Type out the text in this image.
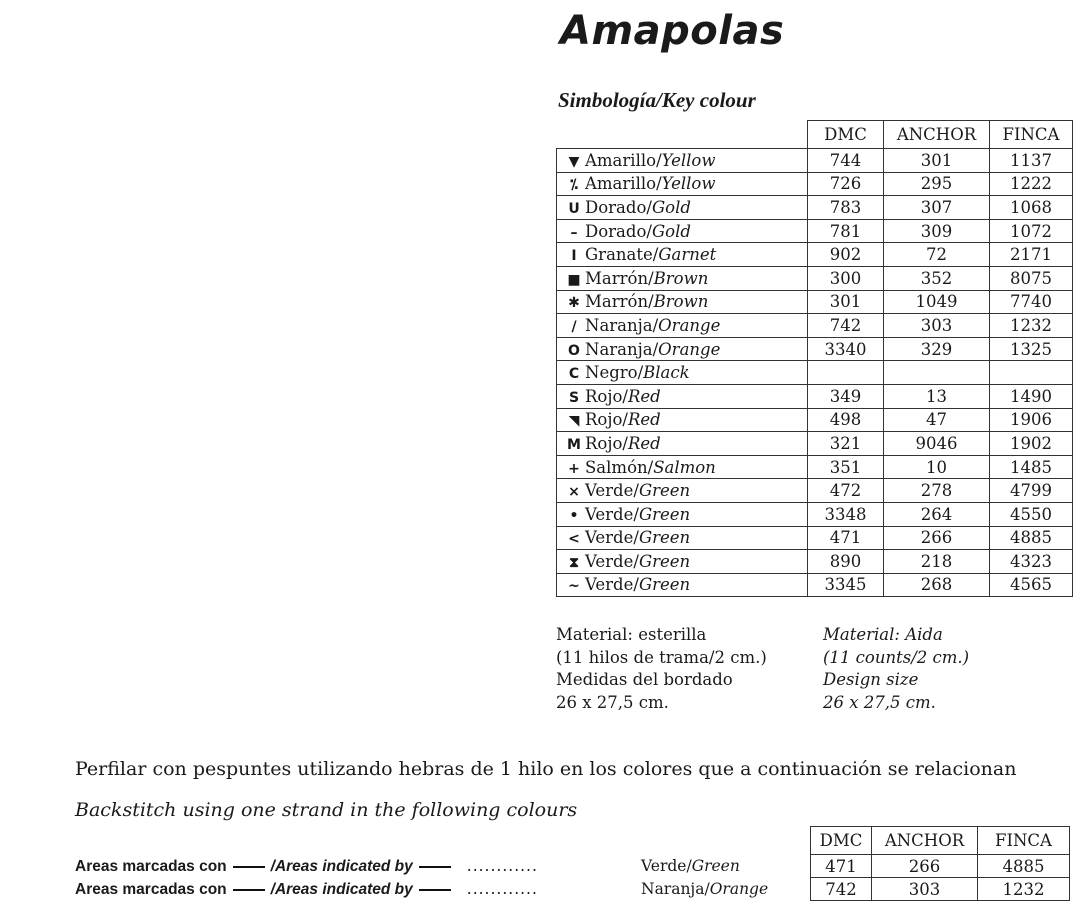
Amapolas
Simbología/Key colour
	DMC	ANCHOR	FINCA
▼ Amarillo/Yellow	744	301	1137
⁒ Amarillo/Yellow	726	295	1222
U Dorado/Gold	783	307	1068
– Dorado/Gold	781	309	1072
I Granate/Garnet	902	72	2171
■ Marrón/Brown	300	352	8075
✱ Marrón/Brown	301	1049	7740
/ Naranja/Orange	742	303	1232
O Naranja/Orange	3340	329	1325
C Negro/Black			
S Rojo/Red	349	13	1490
◥ Rojo/Red	498	47	1906
M Rojo/Red	321	9046	1902
+ Salmón/Salmon	351	10	1485
× Verde/Green	472	278	4799
• Verde/Green	3348	264	4550
< Verde/Green	471	266	4885
⧗ Verde/Green	890	218	4323
~ Verde/Green	3345	268	4565
Material: esterilla
(11 hilos de trama/2 cm.)
Medidas del bordado
26 x 27,5 cm.
Material: Aida
(11 counts/2 cm.)
Design size
26 x 27,5 cm.
Perfilar con pespuntes utilizando hebras de 1 hilo en los colores que a continuación se relacionan
Backstitch using one strand in the following colours
DMC	ANCHOR	FINCA
471	266	4885
742	303	1232
Areas marcadas con	/Areas indicated by	............	Verde/Green
Areas marcadas con	/Areas indicated by	............	Naranja/Orange
